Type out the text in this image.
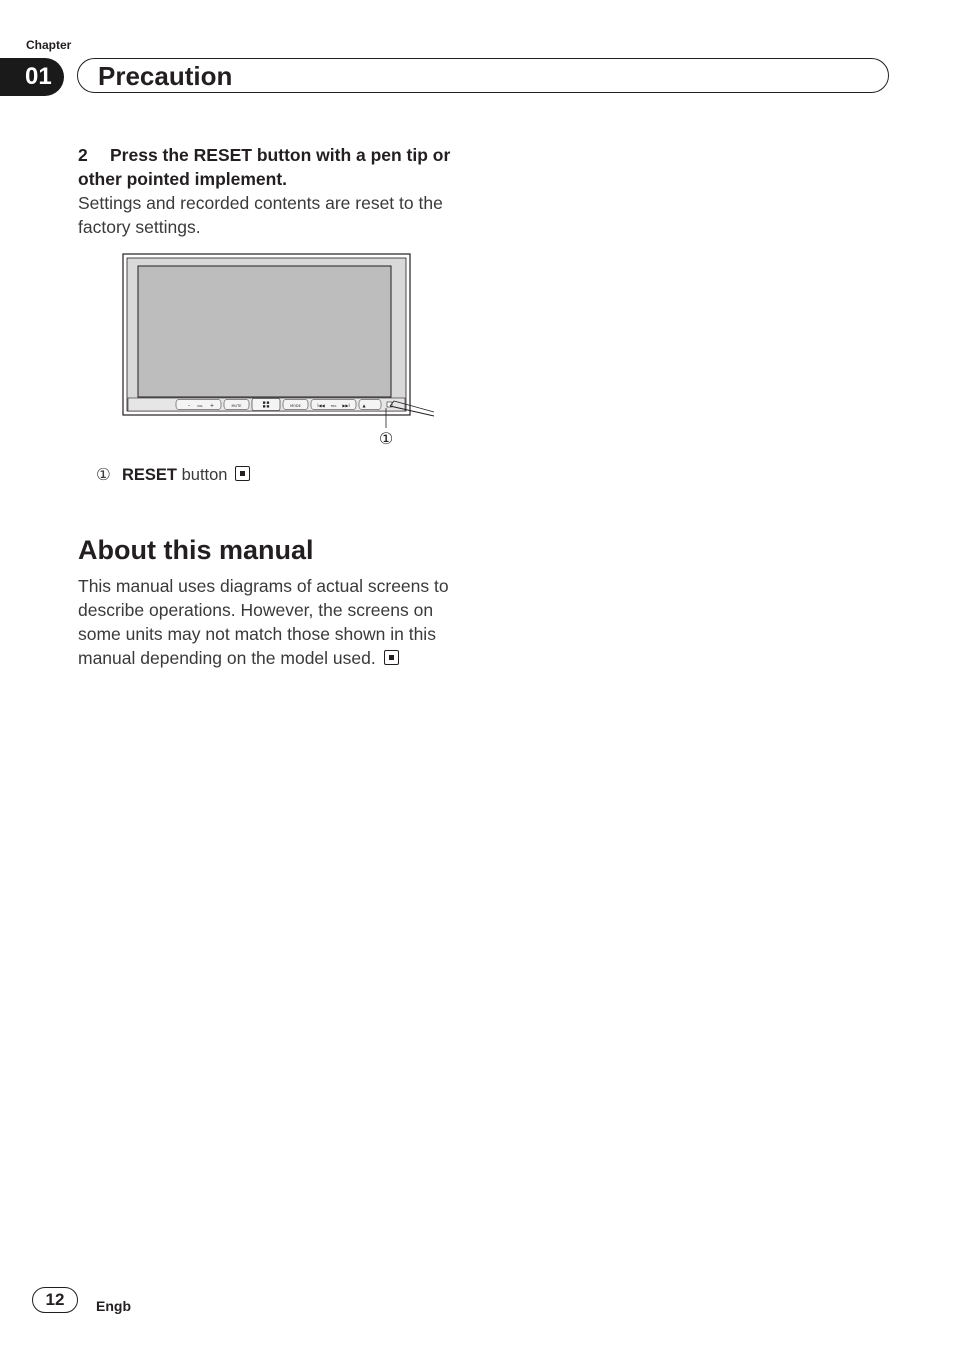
Chapter
01	Precaution
2 Press the RESET button with a pen tip or other pointed implement.
Settings and recorded contents are reset to the factory settings.
– VOL +	MUTE	MODE	I◀◀	TRK ▶▶I	▲
①
① RESET button
About this manual
This manual uses diagrams of actual screens to describe operations. However, the screens on some units may not match those shown in this manual depending on the model used.
12	Engb
